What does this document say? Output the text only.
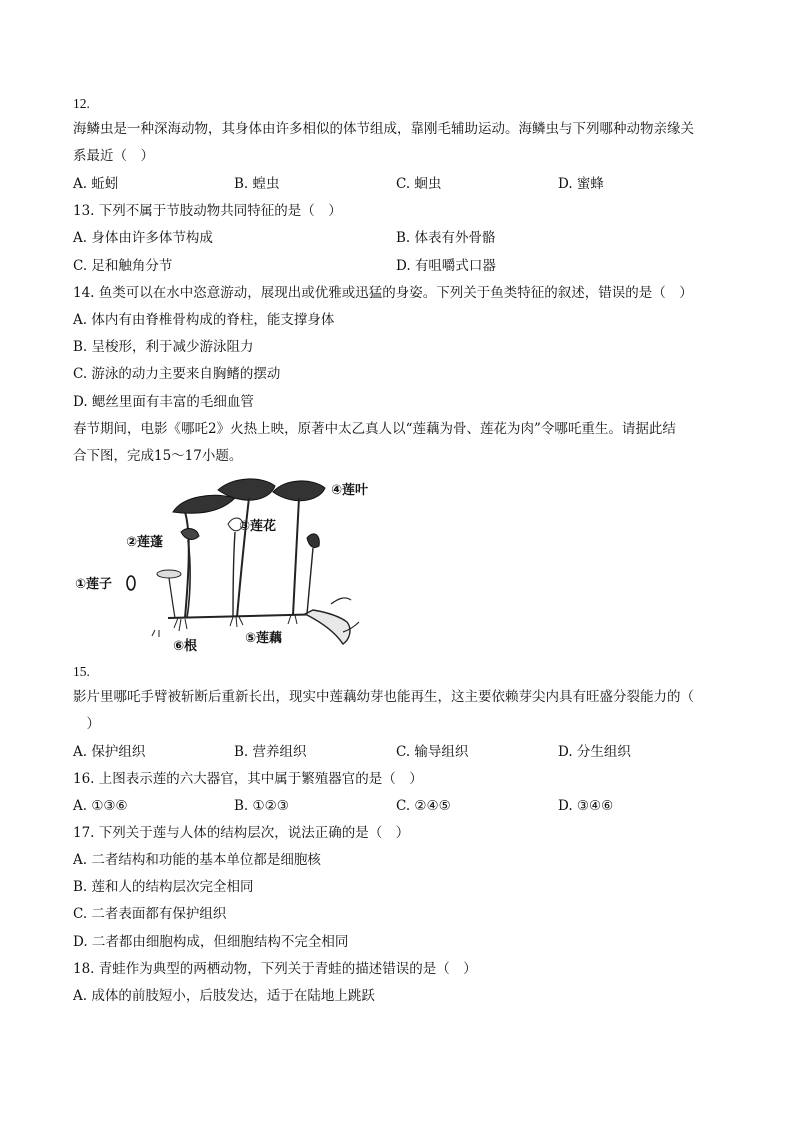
12.
海鳞虫是一种深海动物，其身体由许多相似的体节组成，靠刚毛辅助运动。海鳞虫与下列哪种动物亲缘关
系最近（　）
A. 蚯蚓	B. 蝗虫	C. 蛔虫	D. 蜜蜂
13. 下列不属于节肢动物共同特征的是（　）
A. 身体由许多体节构成	B. 体表有外骨骼
C. 足和触角分节	D. 有咀嚼式口器
14. 鱼类可以在水中恣意游动，展现出或优雅或迅猛的身姿。下列关于鱼类特征的叙述，错误的是（　）
A. 体内有由脊椎骨构成的脊柱，能支撑身体
B. 呈梭形，利于减少游泳阻力
C. 游泳的动力主要来自胸鳍的摆动
D. 鳃丝里面有丰富的毛细血管
春节期间，电影《哪吒2》火热上映，原著中太乙真人以“莲藕为骨、莲花为肉”令哪吒重生。请据此结
合下图，完成15～17小题。
①莲子
②莲蓬
③莲花
④莲叶
⑤莲藕
⑥根
15.
影片里哪吒手臂被斩断后重新长出，现实中莲藕幼芽也能再生，这主要依赖芽尖内具有旺盛分裂能力的（
　）
A. 保护组织	B. 营养组织	C. 输导组织	D. 分生组织
16. 上图表示莲的六大器官，其中属于繁殖器官的是（　）
A. ①③⑥	B. ①②③	C. ②④⑤	D. ③④⑥
17. 下列关于莲与人体的结构层次，说法正确的是（　）
A. 二者结构和功能的基本单位都是细胞核
B. 莲和人的结构层次完全相同
C. 二者表面都有保护组织
D. 二者都由细胞构成，但细胞结构不完全相同
18. 青蛙作为典型的两栖动物，下列关于青蛙的描述错误的是（　）
A. 成体的前肢短小，后肢发达，适于在陆地上跳跃
